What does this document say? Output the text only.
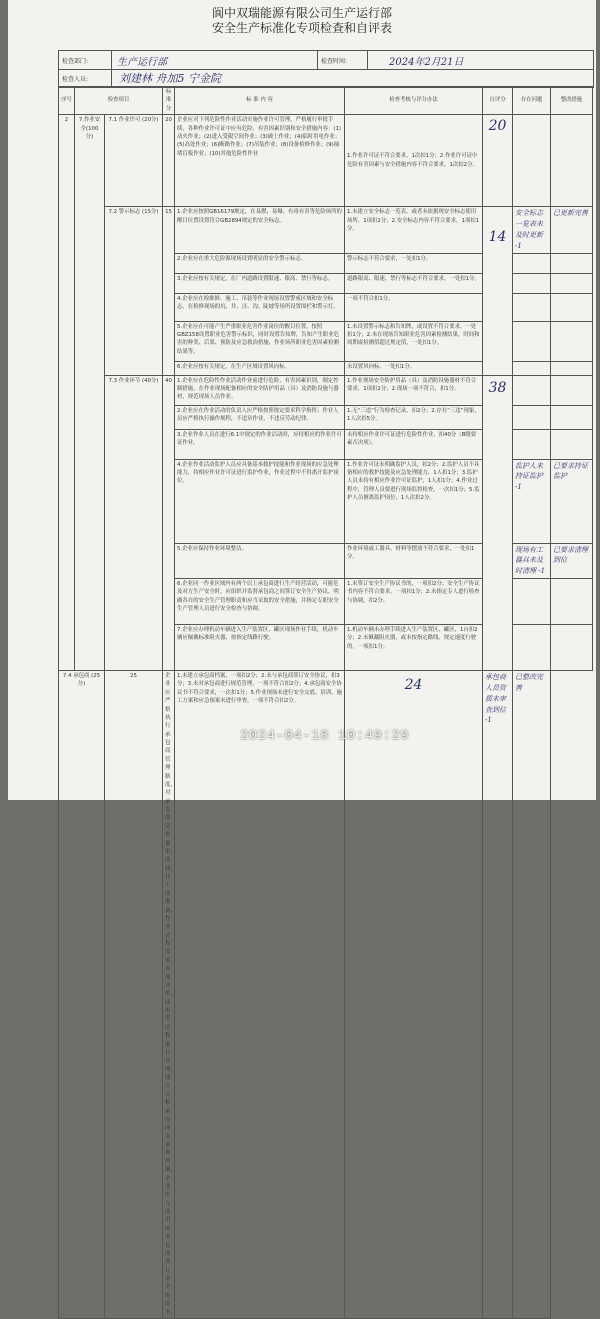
阆中双瑞能源有限公司生产运行部
安全生产标准化专项检查和自评表
检查部门:	生产运行部	检查时间:	2024年2月21日
检查人员:	刘建林 舟加5 宁金院
序号	检查项目		标准分	标 准 内 容	检查考核与评分办法	自评分	存在问题	整改措施
2	7.作业安全(100分)	7.1 作业许可 (20分)	20	企业应对下列危险性作业活动实施作业许可管理，严格履行审批手续，各种作业许可证中应有危险、有害因素识别和安全措施内容：(1)动火作业；(2)进入受限空间作业；(3)破土作业；(4)临时用电作业；(5)高处作业；(6)断路作业；(7)吊装作业；(8)设备检修作业；(9)抽堵盲板作业；(10)其他危险性作业	1.作业许可证不符合要求，1次扣1分；2.作业许可证中危险有害因素与安全措施内容不符合要求，1次扣2分。	20		
		7.2 警示标志 (15分)	15	1.企业应按照GB16179规定，在易燃、易爆、有毒有害等危险场所的醒目位置设置符合GB2894规定的安全标志。	1.未建立安全标志一览表，或者未依据现安全标志使用场所，1项扣2分；2.安全标志内容不符合要求，1项扣1分。	14	安全标志一览表未及时更新 -1	已更新完善
				2.企业应在重大危险源现场设置明显的安全警示标志。	警示标志不符合要求，一处扣1分。			
				3.企业应按有关规定，在厂内道路设置限速、限高、禁行等标志。	道路限高、限速、禁行等标志不符合要求，一处扣1分。			
				4.企业应在检维修、施工、吊装等作业现场设置警戒区域和安全标志，在检修现场的坑、井、洼、沟、陡坡等场所设置围栏和警示灯。	一项不符合扣1分。			
				5.企业应在可能产生严重职业危害作业岗位的醒目位置，按照GBZ158设置职业危害警示标识，同时设置告知牌，告知产生职业危害的种类、后果、预防及应急救治措施、作业场所职业危害因素检测结果等。	1.未设置警示标志和告知牌，或设置不符合要求，一处扣1分；2.未在现场告知职业危害因素检测结果，时间和周期或检测值超过规定值，一处扣1分。			
				6.企业应按有关规定，在生产区域设置风向标。	未设置风向标，一处扣1分。			
		7.3 作业环节 (40分)	40	1.企业应在危险性作业活动作业前进行危险、有害因素识别，制定控制措施。在作业现场配备相应的安全防护用品（具）及消防设施与器材，规范现场人员作业。	1.作业现场安全防护用品（具）及消防设施器材不符合要求，1项扣2分；2.现场一项不符合，扣1分。	38		
				2.企业应在作业活动的负责人应严格按照规定要求科学指挥；作业人员应严格执行操作规程，不违章作业，不违反劳动纪律。	1.无“三违”行为检查记录，扣2分；2.存在“三违”现象，1人次扣5分。			
				3.企业作业人员在进行6.1中规定的作业活动时，应持相应的作业许可证作业。	未持相应作业许可证进行危险性作业，扣40分（B级要素否决项）。			
				4.企业作业活动监护人员应具备基本救护技能和作业现场的应急处理能力，持相应作业许可证进行监护作业，作业过程中不得离开监护岗位。	1.作业许可证未明确监护人员，扣2分；2.监护人员不具备相应的救护技能及应急处理能力，1人扣1分；3.监护人员未持有相应作业许可证监护，1人扣1分；4.作业过程中，管理人员要进行现场监督检查，一次扣1分；5.监护人员擅离监护岗位，1人次扣2分。		监护人未持证监护 -1	已要求持证监护
				5.企业应保持作业环境整洁。	作业环境或工器具、材料等摆放不符合要求，一处扣1分。		现场有工器具未及时清理 -1	已要求清理到位
				6.企业同一作业区域内有两个以上承包商进行生产经营活动，可能危及对方生产安全时，应组织并监督承包商之间签订安全生产协议，明确各自的安全生产管理职责和应当采取的安全措施，并指定专职安全生产管理人员进行安全检查与协调。	1.未签订安全生产协议书的，一项扣2分；安全生产协议书内容不符合要求，一项扣1分；2.未指定专人进行检查与协调，扣2分。			
				7.企业应办理机动车辆进入生产装置区、罐区现场作业手续，机动车辆应佩戴标准阻火器，按指定线路行驶。	1.机动车辆未办理手续进入生产装置区、罐区，1台扣2分；2.未佩戴阻火器，或未按指定路线、规定速度行驶的，一项扣1分。			
7.4 承包商 (25分)		25	企业应严格执行承包商管理制度，对承包商资格预审、选择、开工前准备、作业过程监督、表现评价、续用等过程进行管理，建立合格承包商名录和档案。企业应与选用的承包商签订安全协议书。	1.未建立承包商档案，一项扣2分；2.未与承包商签订安全协议，扣3分；3.未对承包商进行规范管理，一项不符合扣2分；4.承包商安全协议书不符合要求，一次扣1分；5.作业现场未进行安全交底、培训、施工方案和应急预案未进行审查，一项不符合扣2分。	24	承包商人员资质未审查到位 -1	已整改完善	
2024-04-18 10:49:29
